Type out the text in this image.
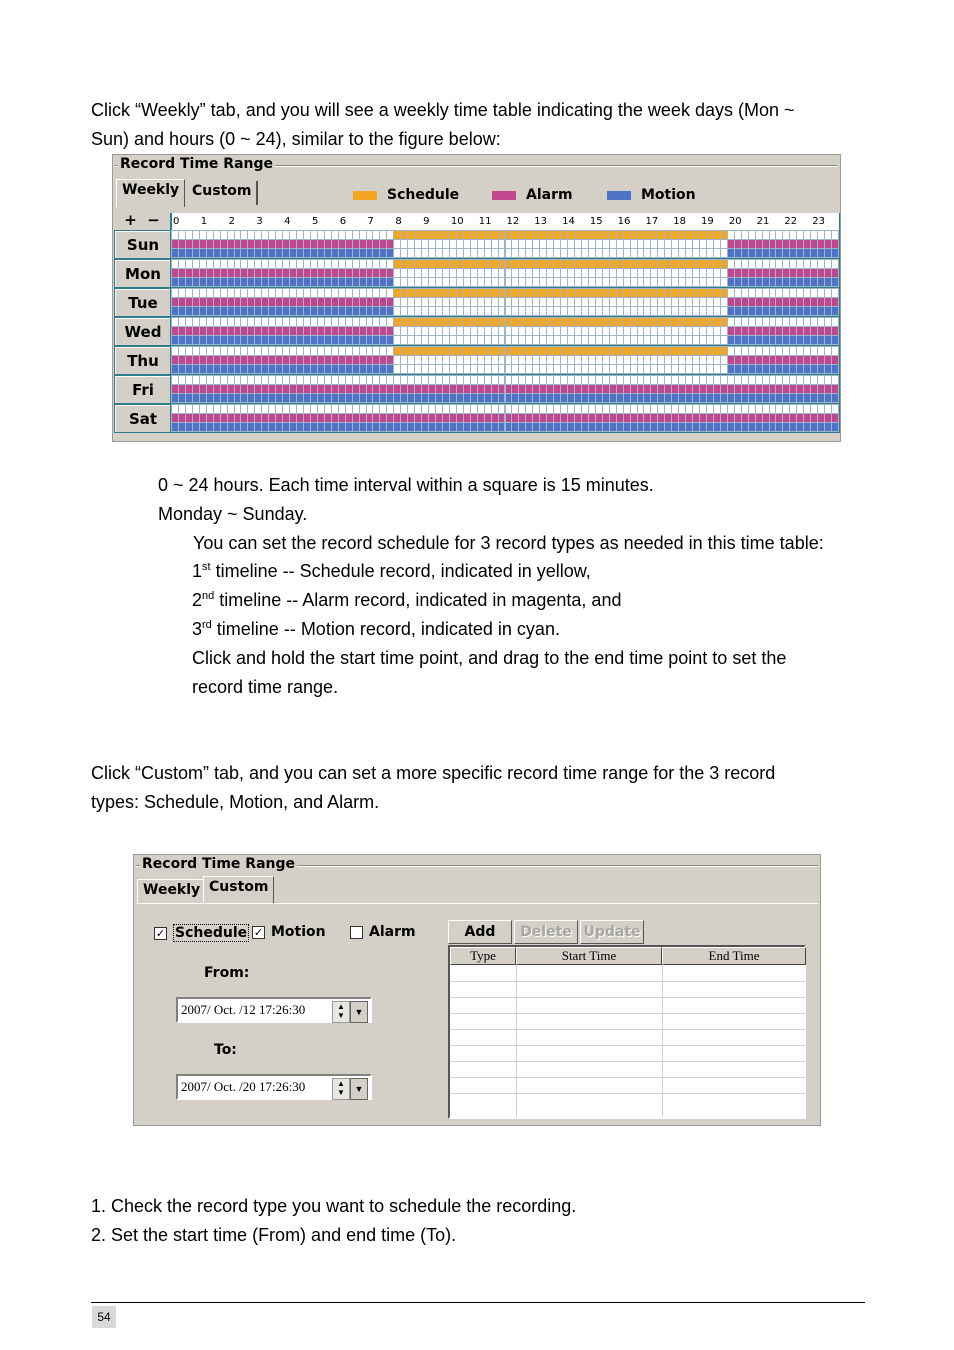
Click “Weekly” tab, and you will see a weekly time table indicating the week days (Mon ~
Sun) and hours (0 ~ 24), similar to the figure below:
Record Time Range
Weekly Custom	Schedule	Alarm	Motion
+ −	0 1 2 3 4 5 6 7 8 9 10 11 12 13 14 15 16 17 18 19 20 21 22 23
Sun
Mon
Tue
Wed
Thu
Fri
Sat
0 ~ 24 hours. Each time interval within a square is 15 minutes.
Monday ~ Sunday.
You can set the record schedule for 3 record types as needed in this time table:
1st timeline -- Schedule record, indicated in yellow,
2nd timeline -- Alarm record, indicated in magenta, and
3rd timeline -- Motion record, indicated in cyan.
Click and hold the start time point, and drag to the end time point to set the
record time range.
Click “Custom” tab, and you can set a more specific record time range for the 3 record
types: Schedule, Motion, and Alarm.
Record Time Range
Weekly Custom
✓ Schedule ✓ Motion	Alarm
From:
2007/ Oct. /12 17:26:30	▲
▼	▼
To:
2007/ Oct. /20 17:26:30	▲
▼	▼
Add	Delete Update
Type	Start Time	End Time
1. Check the record type you want to schedule the recording.
2. Set the start time (From) and end time (To).
54
